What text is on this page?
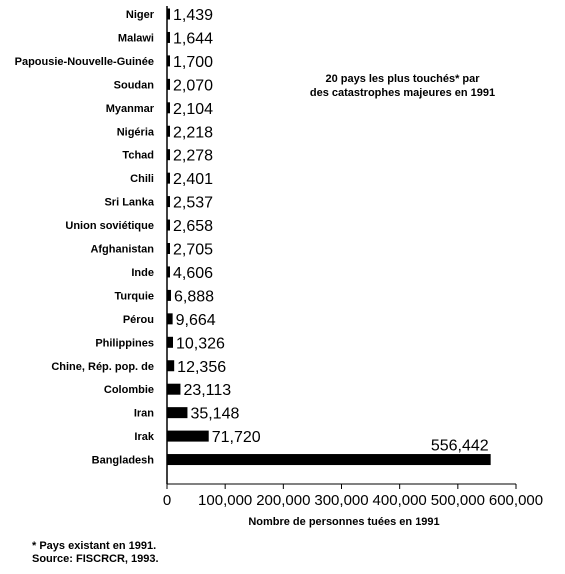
Niger
Malawi
Papousie-Nouvelle-Guinée
Soudan
Myanmar
Nigéria
Tchad
Chili
Sri Lanka
Union soviétique
Afghanistan
Inde
Turquie
Pérou
Philippines
Chine, Rép. pop. de
Colombie
Iran
Irak
Bangladesh
1,439
1,644
1,700
2,070
2,104
2,218
2,278
2,401
2,537
2,658
2,705
4,606
6,888
9,664
10,326
12,356
23,113
35,148
71,720	556,442
0 100,000 200,000 300,000 400,000 500,000 600,000
Nombre de personnes tuées en 1991
20 pays les plus touchés* par
des catastrophes majeures en 1991
* Pays existant en 1991.
Source: FISCRCR, 1993.
